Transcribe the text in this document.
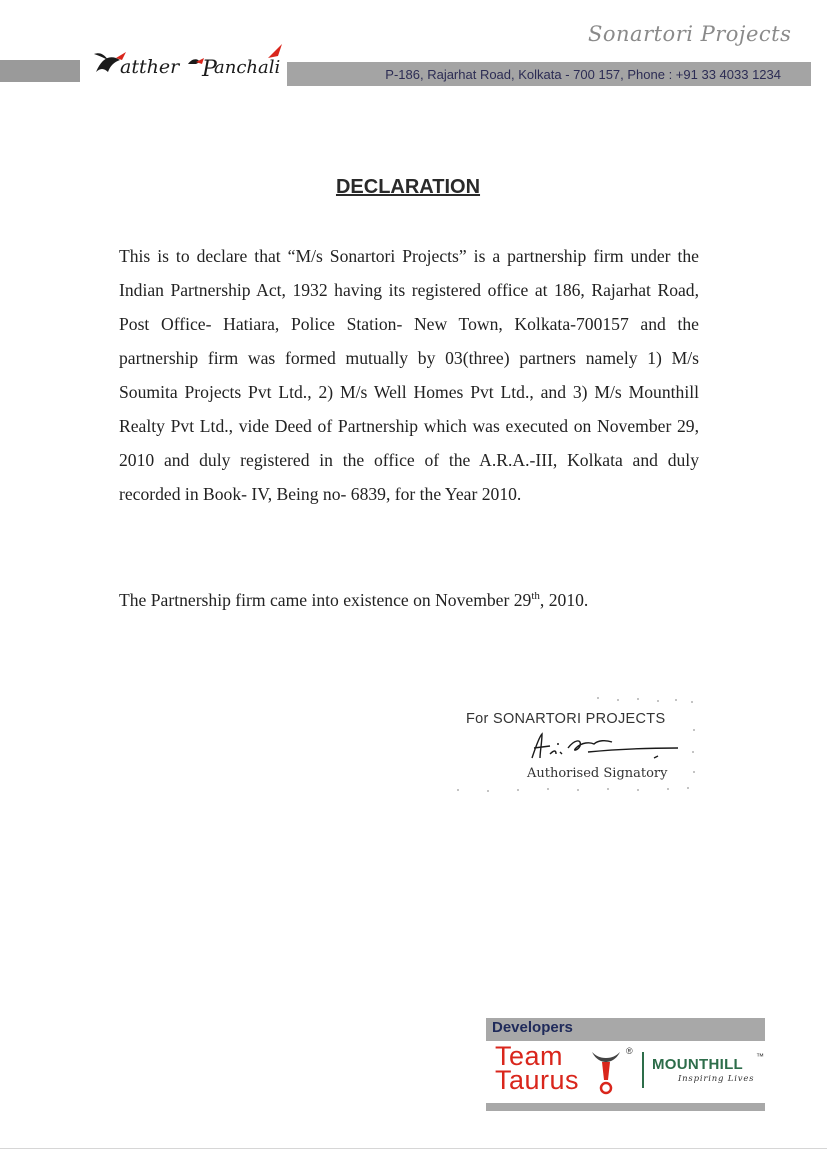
atther P
anchali	P-186, Rajarhat Road, Kolkata - 700 157, Phone : +91 33 4033 1234
Sonartori Projects
DECLARATION
This is to declare that “M/s Sonartori Projects” is a partnership firm under the Indian Partnership Act, 1932 having its registered office at 186, Rajarhat Road, Post Office- Hatiara, Police Station- New Town, Kolkata-700157 and the partnership firm was formed mutually by 03(three) partners namely 1) M/s Soumita Projects Pvt Ltd., 2) M/s Well Homes Pvt Ltd., and 3) M/s Mounthill Realty Pvt Ltd., vide Deed of Partnership which was executed on November 29, 2010 and duly registered in the office of the A.R.A.-III, Kolkata and duly recorded in Book- IV, Being no- 6839, for the Year 2010.
The Partnership firm came into existence on November 29th, 2010.
For SONARTORI PROJECTS
Authorised Signatory
Developers
Team
Taurus
®
MOUNTHILL ™
Inspiring Lives
